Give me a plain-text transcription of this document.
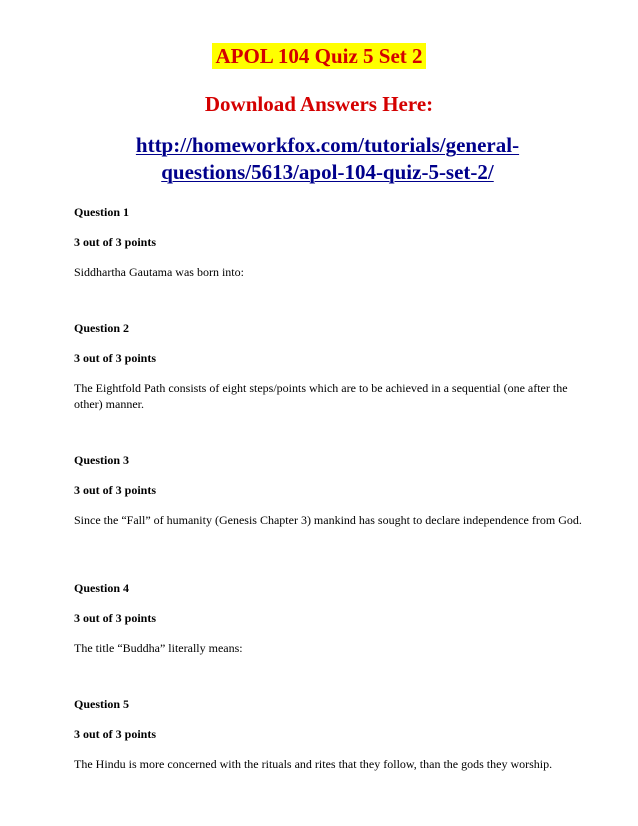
APOL 104 Quiz 5 Set 2
Download Answers Here:
http://homeworkfox.com/tutorials/general-
questions/5613/apol-104-quiz-5-set-2/

Question 1

3 out of 3 points

Siddhartha Gautama was born into:

Question 2

3 out of 3 points

The Eightfold Path consists of eight steps/points which are to be achieved in a sequential (one after the other) manner.

Question 3

3 out of 3 points

Since the “Fall” of humanity (Genesis Chapter 3) mankind has sought to declare independence from God.

Question 4

3 out of 3 points

The title “Buddha” literally means:

Question 5

3 out of 3 points

The Hindu is more concerned with the rituals and rites that they follow, than the gods they worship.
